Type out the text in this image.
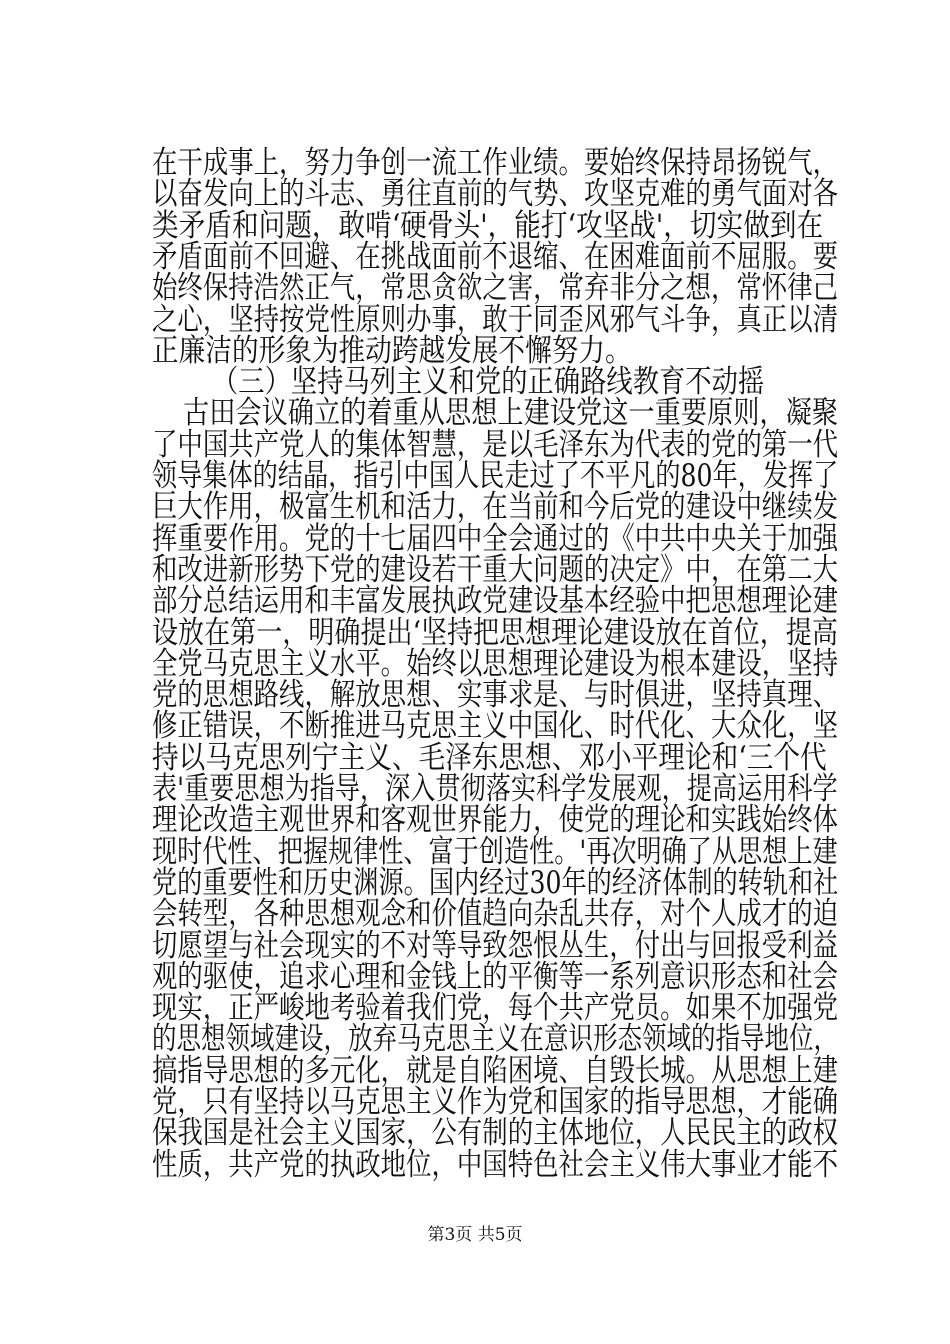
在干成事上，努力争创一流工作业绩。要始终保持昂扬锐气，
以奋发向上的斗志、勇往直前的气势、攻坚克难的勇气面对各
类矛盾和问题，敢啃‘硬骨头'，能打‘攻坚战'，切实做到在
矛盾面前不回避、在挑战面前不退缩、在困难面前不屈服。要
始终保持浩然正气，常思贪欲之害，常弃非分之想，常怀律己
之心，坚持按党性原则办事，敢于同歪风邪气斗争，真正以清
正廉洁的形象为推动跨越发展不懈努力。
（三）坚持马列主义和党的正确路线教育不动摇
古田会议确立的着重从思想上建设党这一重要原则，凝聚
了中国共产党人的集体智慧，是以毛泽东为代表的党的第一代
领导集体的结晶，指引中国人民走过了不平凡的80年，发挥了
巨大作用，极富生机和活力，在当前和今后党的建设中继续发
挥重要作用。党的十七届四中全会通过的《中共中央关于加强
和改进新形势下党的建设若干重大问题的决定》中，在第二大
部分总结运用和丰富发展执政党建设基本经验中把思想理论建
设放在第一，明确提出‘坚持把思想理论建设放在首位，提高
全党马克思主义水平。始终以思想理论建设为根本建设，坚持
党的思想路线，解放思想、实事求是、与时俱进，坚持真理、
修正错误，不断推进马克思主义中国化、时代化、大众化，坚
持以马克思列宁主义、毛泽东思想、邓小平理论和‘三个代
表'重要思想为指导，深入贯彻落实科学发展观，提高运用科学
理论改造主观世界和客观世界能力，使党的理论和实践始终体
现时代性、把握规律性、富于创造性。'再次明确了从思想上建
党的重要性和历史渊源。国内经过30年的经济体制的转轨和社
会转型，各种思想观念和价值趋向杂乱共存，对个人成才的迫
切愿望与社会现实的不对等导致怨恨丛生，付出与回报受利益
观的驱使，追求心理和金钱上的平衡等一系列意识形态和社会
现实，正严峻地考验着我们党，每个共产党员。如果不加强党
的思想领域建设，放弃马克思主义在意识形态领域的指导地位，
搞指导思想的多元化，就是自陷困境、自毁长城。从思想上建
党，只有坚持以马克思主义作为党和国家的指导思想，才能确
保我国是社会主义国家，公有制的主体地位，人民民主的政权
性质，共产党的执政地位，中国特色社会主义伟大事业才能不
第3页 共5页
